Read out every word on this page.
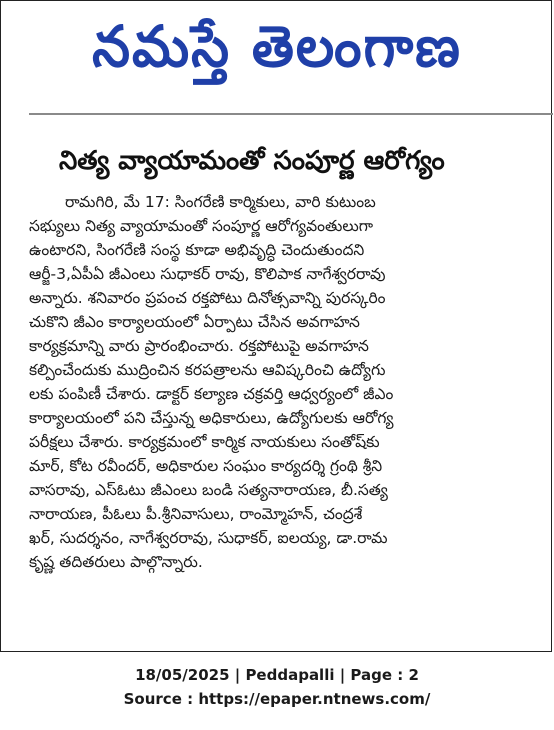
నమస్తే తెలంగాణ
నిత్య వ్యాయామంతో సంపూర్ణ ఆరోగ్యం
రామగిరి, మే 17: సింగరేణి కార్మికులు, వారి కుటుంబ
సభ్యులు నిత్య వ్యాయామంతో సంపూర్ణ ఆరోగ్యవంతులుగా
ఉంటారని, సింగరేణి సంస్థ కూడా అభివృద్ధి చెందుతుందని
ఆర్జీ-3,ఏపీఏ జీఎంలు సుధాకర్ రావు, కొలిపాక నాగేశ్వరరావు
అన్నారు. శనివారం ప్రపంచ రక్తపోటు దినోత్సవాన్ని పురస్కరిం
చుకొని జీఎం కార్యాలయంలో ఏర్పాటు చేసిన అవగాహన
కార్యక్రమాన్ని వారు ప్రారంభించారు. రక్తపోటుపై అవగాహన
కల్పించేందుకు ముద్రించిన కరపత్రాలను ఆవిష్కరించి ఉద్యోగు
లకు పంపిణీ చేశారు. డాక్టర్ కల్యాణ చక్రవర్తి ఆధ్వర్యంలో జీఎం
కార్యాలయంలో పని చేస్తున్న అధికారులు, ఉద్యోగులకు ఆరోగ్య
పరీక్షలు చేశారు. కార్యక్రమంలో కార్మిక నాయకులు సంతోష్‌కు
మార్, కోట రవీందర్, అధికారుల సంఘం కార్యదర్శి గ్రంథి శ్రీని
వాసరావు, ఎస్ఓటు జీఎంలు బండి సత్యనారాయణ, బీ.సత్య
నారాయణ, పీఓలు పీ.శ్రీనివాసులు, రాంమ్మోహన్, చంద్రశే
ఖర్, సుదర్శనం, నాగేశ్వరరావు, సుధాకర్, ఐలయ్య, డా.రామ
కృష్ణ తదితరులు పాల్గొన్నారు.
18/05/2025 | Peddapalli | Page : 2
Source : https://epaper.ntnews.com/
